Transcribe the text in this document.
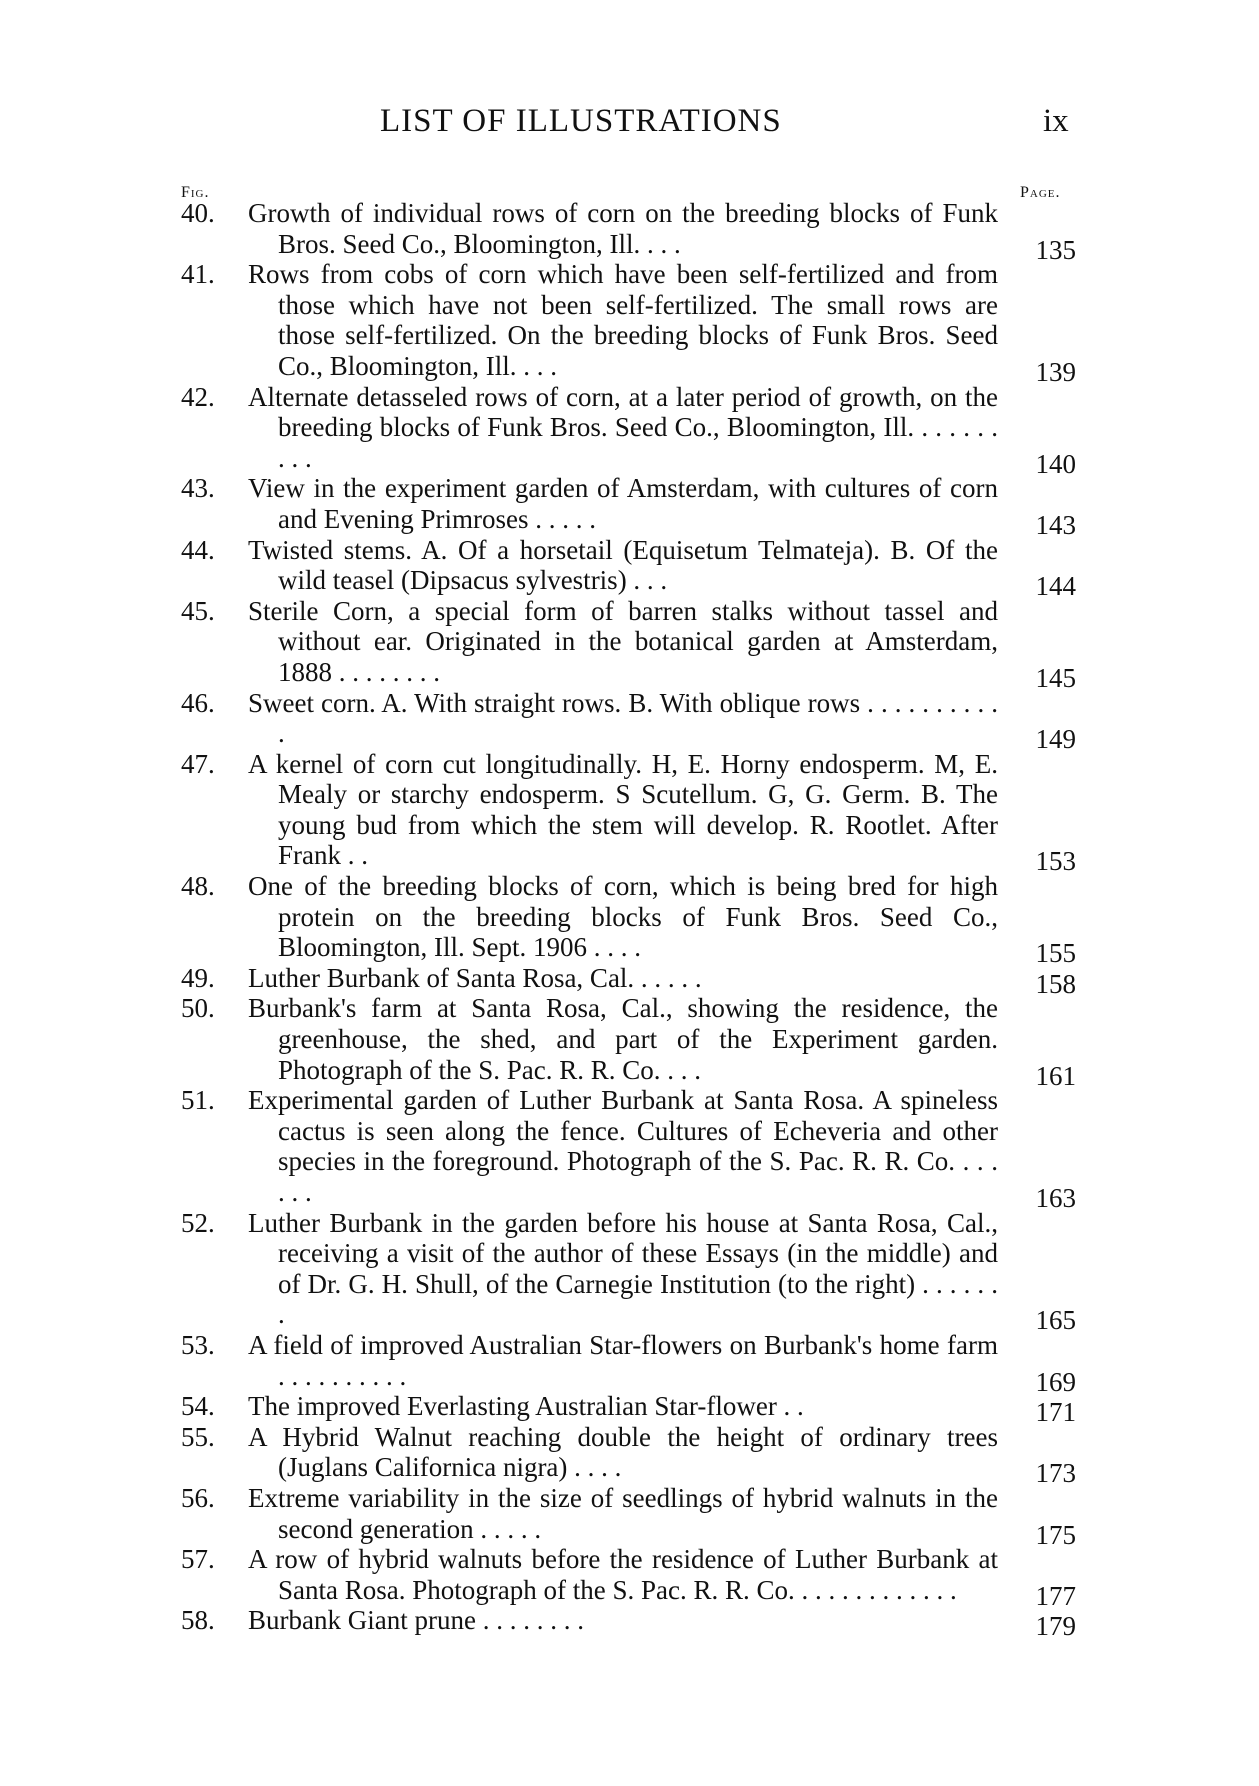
LIST OF ILLUSTRATIONS	ix
Fig.	Page.
40. Growth of individual rows of corn on the breeding blocks of Funk Bros. Seed Co., Bloomington, Ill. . . .	135
41. Rows from cobs of corn which have been self-fertilized and from those which have not been self-fertilized. The small rows are those self-fertilized. On the breeding blocks of Funk Bros. Seed Co., Bloomington, Ill. . . .	139
42. Alternate detasseled rows of corn, at a later period of growth, on the breeding blocks of Funk Bros. Seed Co., Bloomington, Ill. . . . . . . . . .	140
43. View in the experiment garden of Amsterdam, with cultures of corn and Evening Primroses . . . . .	143
44. Twisted stems. A. Of a horsetail (Equisetum Telmateja). B. Of the wild teasel (Dipsacus sylvestris) . . .	144
45. Sterile Corn, a special form of barren stalks without tassel and without ear. Originated in the botanical garden at Amsterdam, 1888 . . . . . . . .	145
46. Sweet corn. A. With straight rows. B. With oblique rows . . . . . . . . . . .	149
47. A kernel of corn cut longitudinally. H, E. Horny endosperm. M, E. Mealy or starchy endosperm. S Scutellum. G, G. Germ. B. The young bud from which the stem will develop. R. Rootlet. After Frank . .	153
48. One of the breeding blocks of corn, which is being bred for high protein on the breeding blocks of Funk Bros. Seed Co., Bloomington, Ill. Sept. 1906 . . . .	155
49. Luther Burbank of Santa Rosa, Cal. . . . . .	158
50. Burbank's farm at Santa Rosa, Cal., showing the residence, the greenhouse, the shed, and part of the Experiment garden. Photograph of the S. Pac. R. R. Co. . . .	161
51. Experimental garden of Luther Burbank at Santa Rosa. A spineless cactus is seen along the fence. Cultures of Echeveria and other species in the foreground. Photograph of the S. Pac. R. R. Co. . . . . . .	163
52. Luther Burbank in the garden before his house at Santa Rosa, Cal., receiving a visit of the author of these Essays (in the middle) and of Dr. G. H. Shull, of the Carnegie Institution (to the right) . . . . . . .	165
53. A field of improved Australian Star-flowers on Burbank's home farm . . . . . . . . . .	169
54. The improved Everlasting Australian Star-flower . .	171
55. A Hybrid Walnut reaching double the height of ordinary trees (Juglans Californica nigra) . . . .	173
56. Extreme variability in the size of seedlings of hybrid walnuts in the second generation . . . . .	175
57. A row of hybrid walnuts before the residence of Luther Burbank at Santa Rosa. Photograph of the S. Pac. R. R. Co. . . . . . . . . . . . .	177
58. Burbank Giant prune . . . . . . . .	179
